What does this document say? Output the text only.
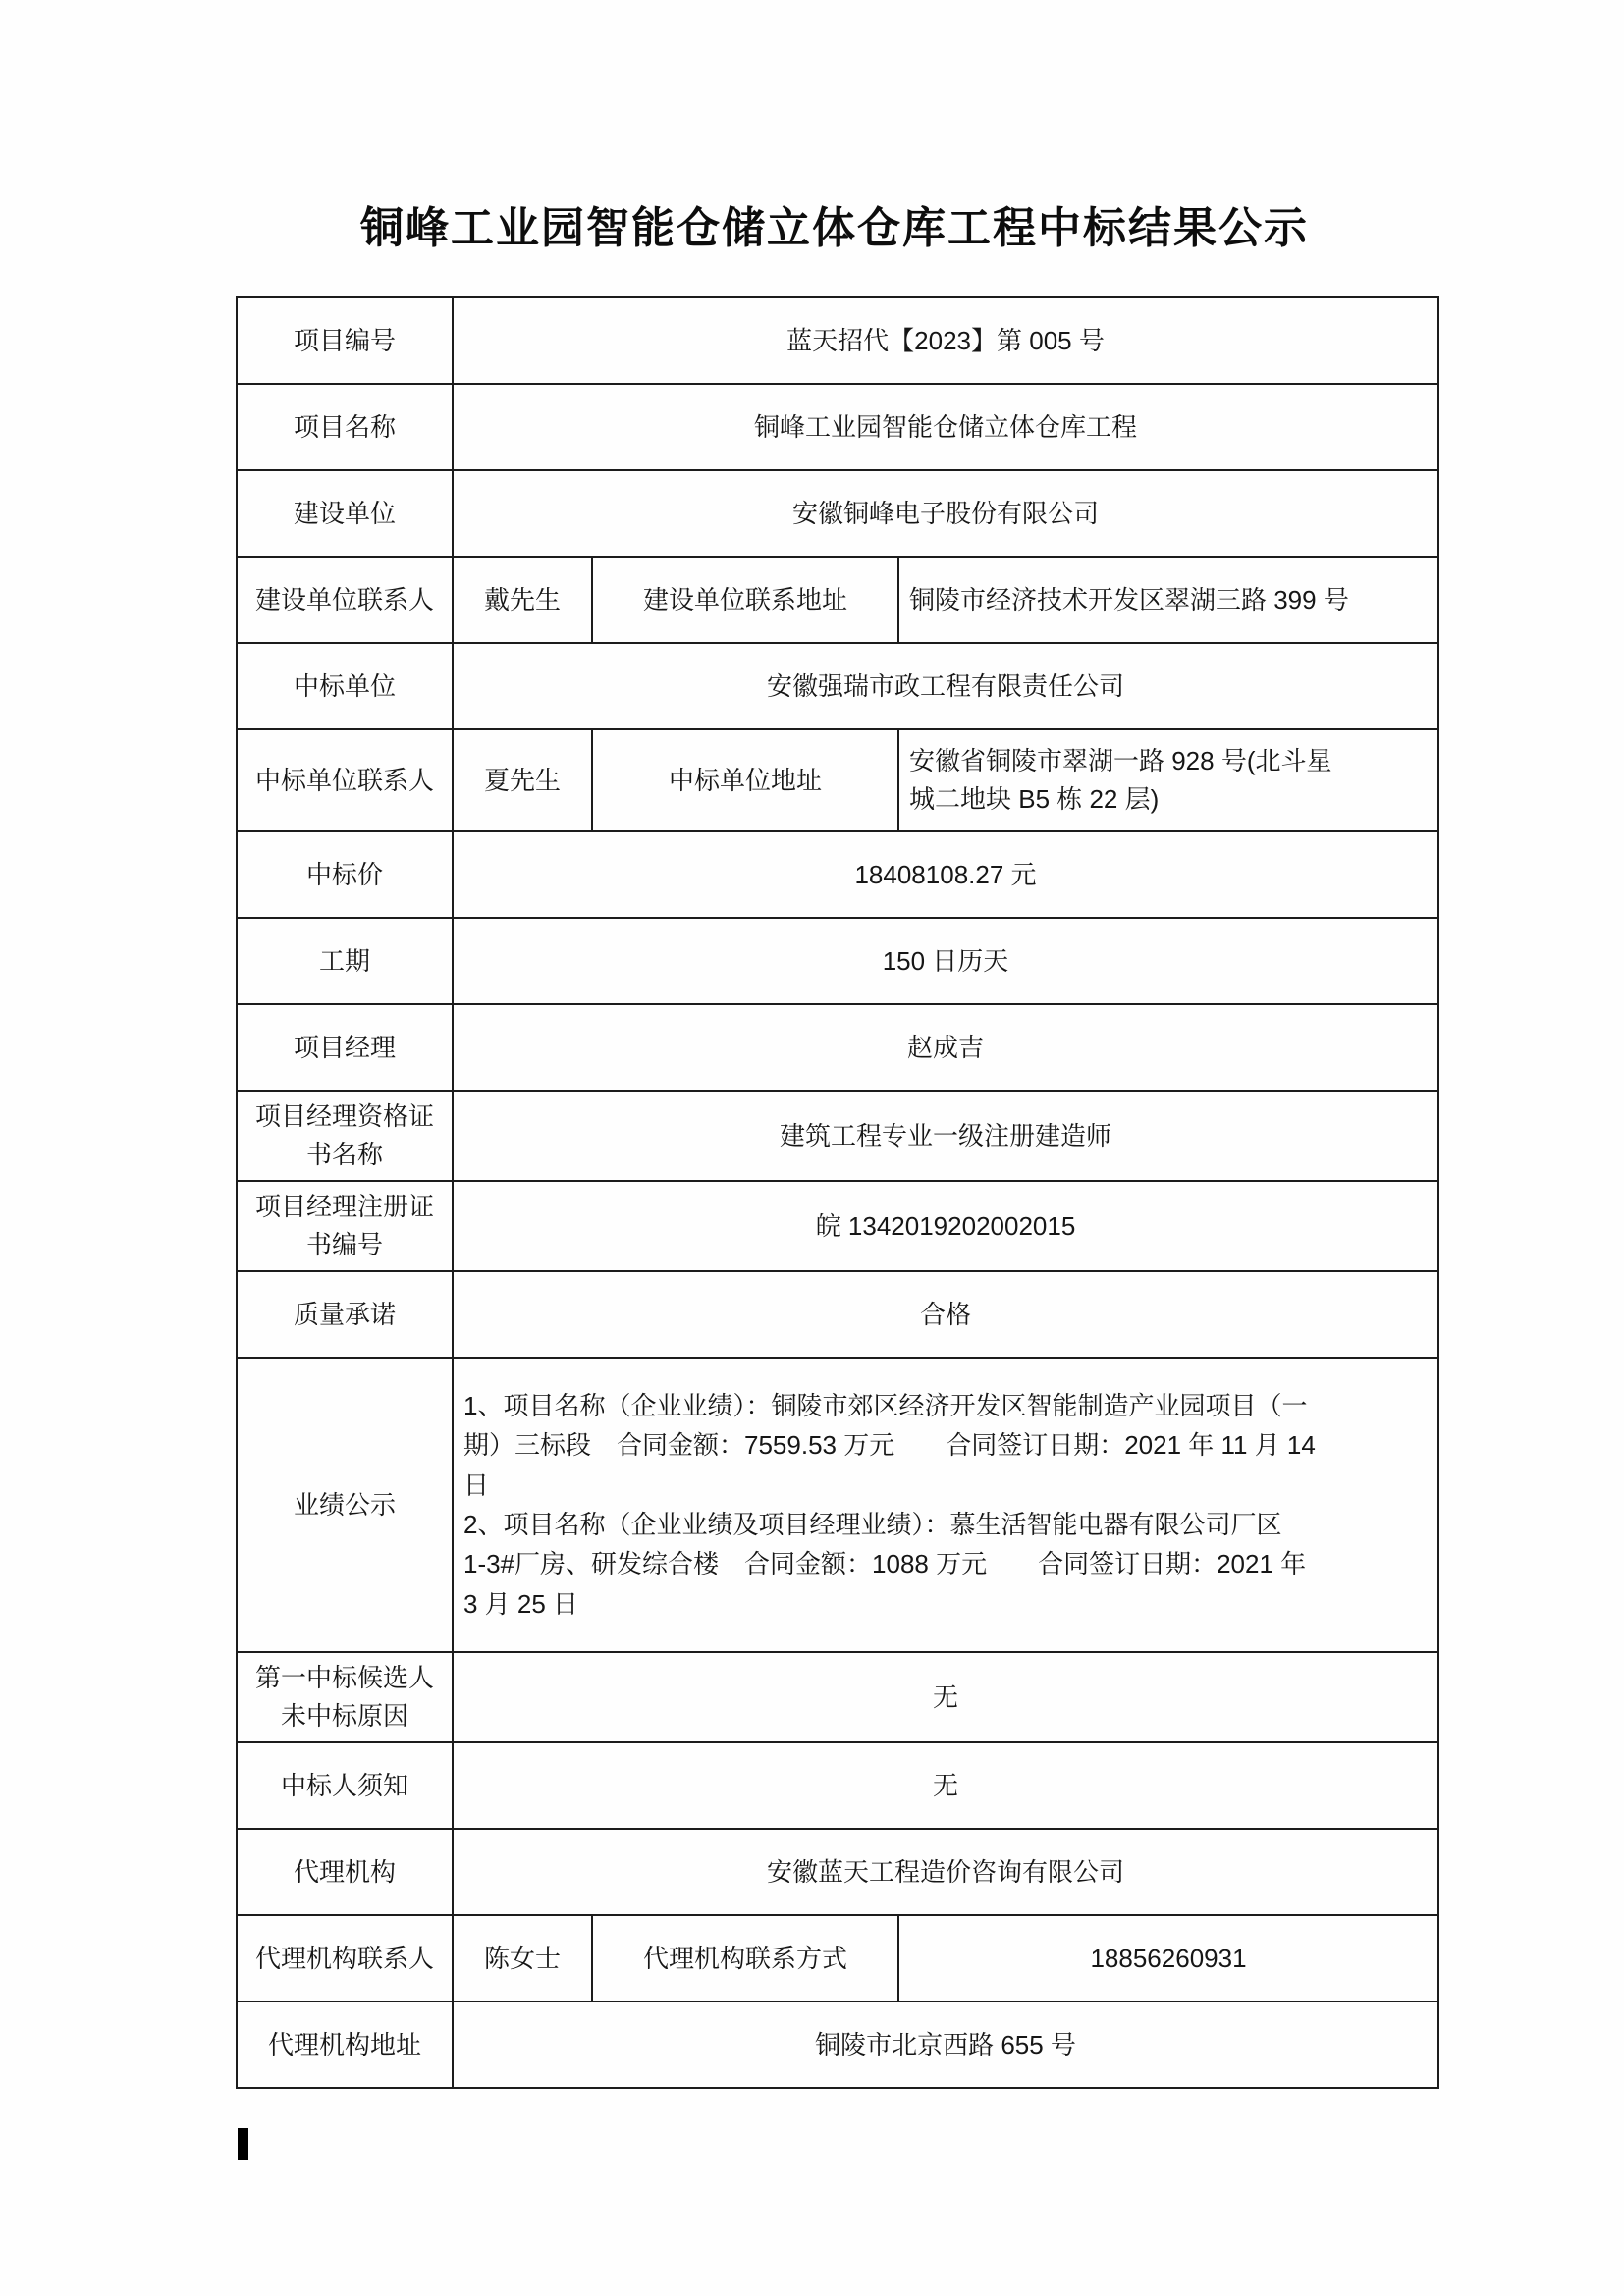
铜峰工业园智能仓储立体仓库工程中标结果公示
项目编号	蓝天招代【2023】第 005 号		
项目名称	铜峰工业园智能仓储立体仓库工程		
建设单位	安徽铜峰电子股份有限公司		
建设单位联系人	戴先生	建设单位联系地址	铜陵市经济技术开发区翠湖三路 399 号
中标单位	安徽强瑞市政工程有限责任公司		
中标单位联系人	夏先生	中标单位地址	安徽省铜陵市翠湖一路 928 号(北斗星
城二地块 B5 栋 22 层)
中标价	18408108.27 元		
工期	150 日历天		
项目经理	赵成吉		
项目经理资格证
书名称	建筑工程专业一级注册建造师		
项目经理注册证
书编号	皖 1342019202002015		
质量承诺	合格		
业绩公示	1、项目名称（企业业绩）：铜陵市郊区经济开发区智能制造产业园项目（一
期）三标段　合同金额：7559.53 万元　　合同签订日期：2021 年 11 月 14
日
2、项目名称（企业业绩及项目经理业绩）：慕生活智能电器有限公司厂区
1-3#厂房、研发综合楼　合同金额：1088 万元　　合同签订日期：2021 年
3 月 25 日
第一中标候选人
未中标原因	无		
中标人须知	无		
代理机构	安徽蓝天工程造价咨询有限公司		
代理机构联系人	陈女士	代理机构联系方式	18856260931
代理机构地址	铜陵市北京西路 655 号		
